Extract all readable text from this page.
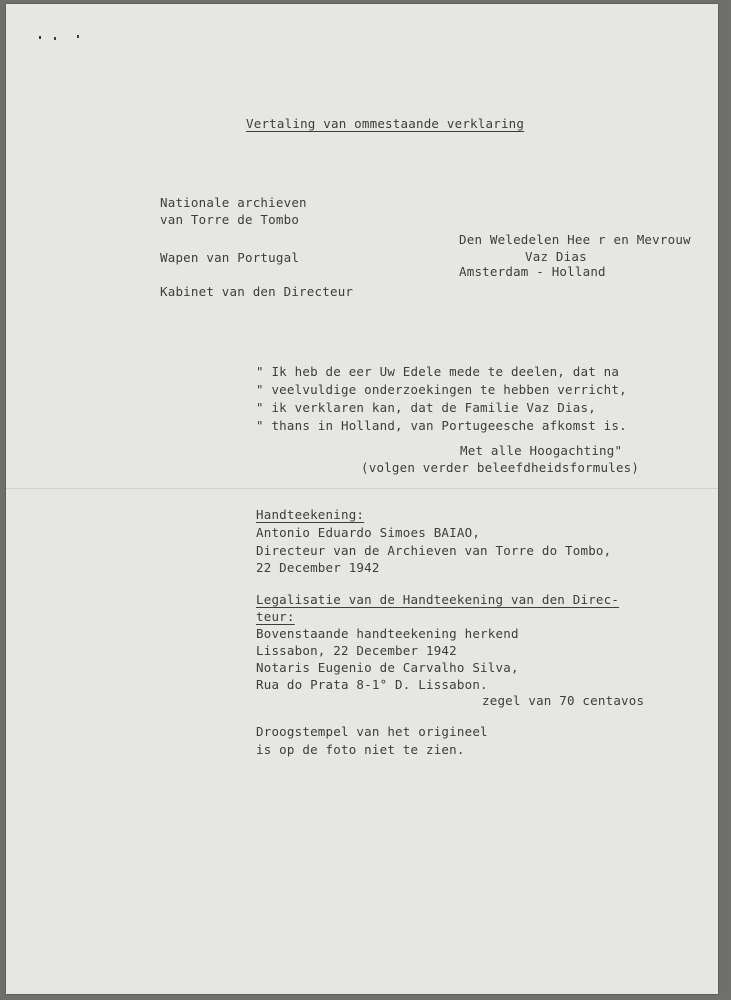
Vertaling van ommestaande verklaring
Nationale archieven
van Torre de Tombo
Wapen van Portugal
Kabinet van den Directeur
Den Weledelen Hee r en Mevrouw
Vaz Dias
Amsterdam - Holland
" Ik heb de eer Uw Edele mede te deelen, dat na
" veelvuldige onderzoekingen te hebben verricht,
" ik verklaren kan, dat de Familie Vaz Dias,
" thans in Holland, van Portugeesche afkomst is.
Met alle Hoogachting"
(volgen verder beleefdheidsformules)
Handteekening:
Antonio Eduardo Simoes BAIAO,
Directeur van de Archieven van Torre do Tombo,
22 December 1942
Legalisatie van de Handteekening van den Direc-
teur:
Bovenstaande handteekening herkend
Lissabon, 22 December 1942
Notaris Eugenio de Carvalho Silva,
Rua do Prata 8-1° D. Lissabon.
zegel van 70 centavos
Droogstempel van het origineel
is op de foto niet te zien.
